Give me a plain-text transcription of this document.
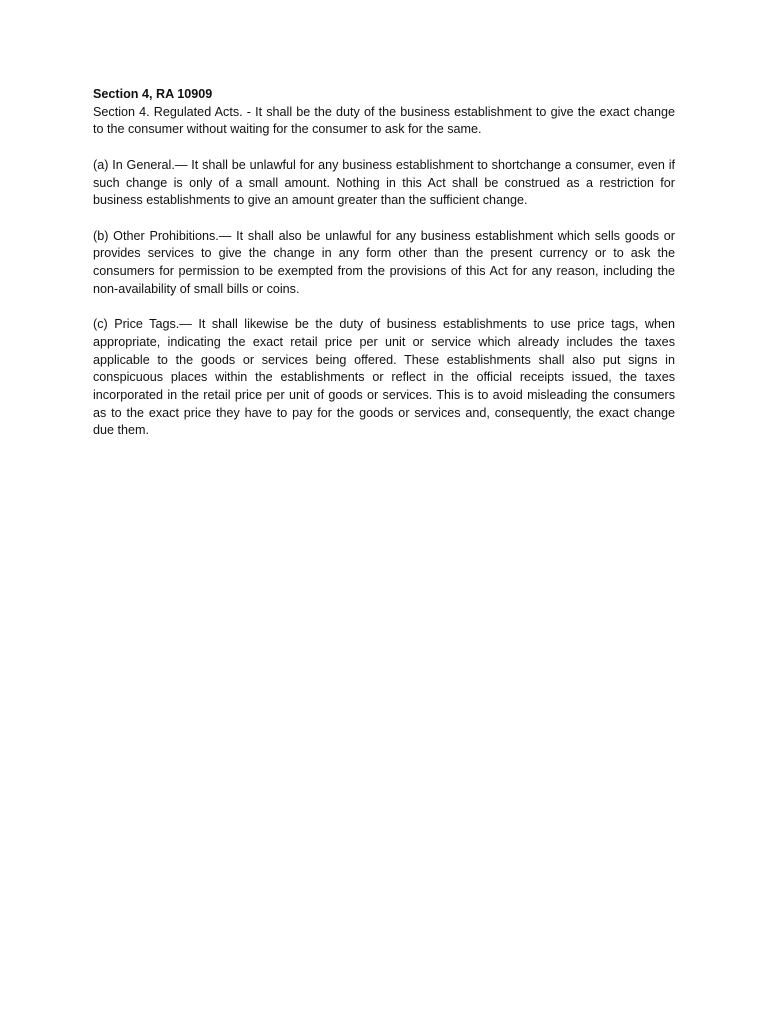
Section 4, RA 10909

Section 4. Regulated Acts. - It shall be the duty of the business establishment to give the exact change to the consumer without waiting for the consumer to ask for the same.

(a) In General.— It shall be unlawful for any business establishment to shortchange a consumer, even if such change is only of a small amount. Nothing in this Act shall be construed as a restriction for business establishments to give an amount greater than the sufficient change.

(b) Other Prohibitions.— It shall also be unlawful for any business establishment which sells goods or provides services to give the change in any form other than the present currency or to ask the consumers for permission to be exempted from the provisions of this Act for any reason, including the non-availability of small bills or coins.

(c) Price Tags.— It shall likewise be the duty of business establishments to use price tags, when appropriate, indicating the exact retail price per unit or service which already includes the taxes applicable to the goods or services being offered. These establishments shall also put signs in conspicuous places within the establishments or reflect in the official receipts issued, the taxes incorporated in the retail price per unit of goods or services. This is to avoid misleading the consumers as to the exact price they have to pay for the goods or services and, consequently, the exact change due them.
